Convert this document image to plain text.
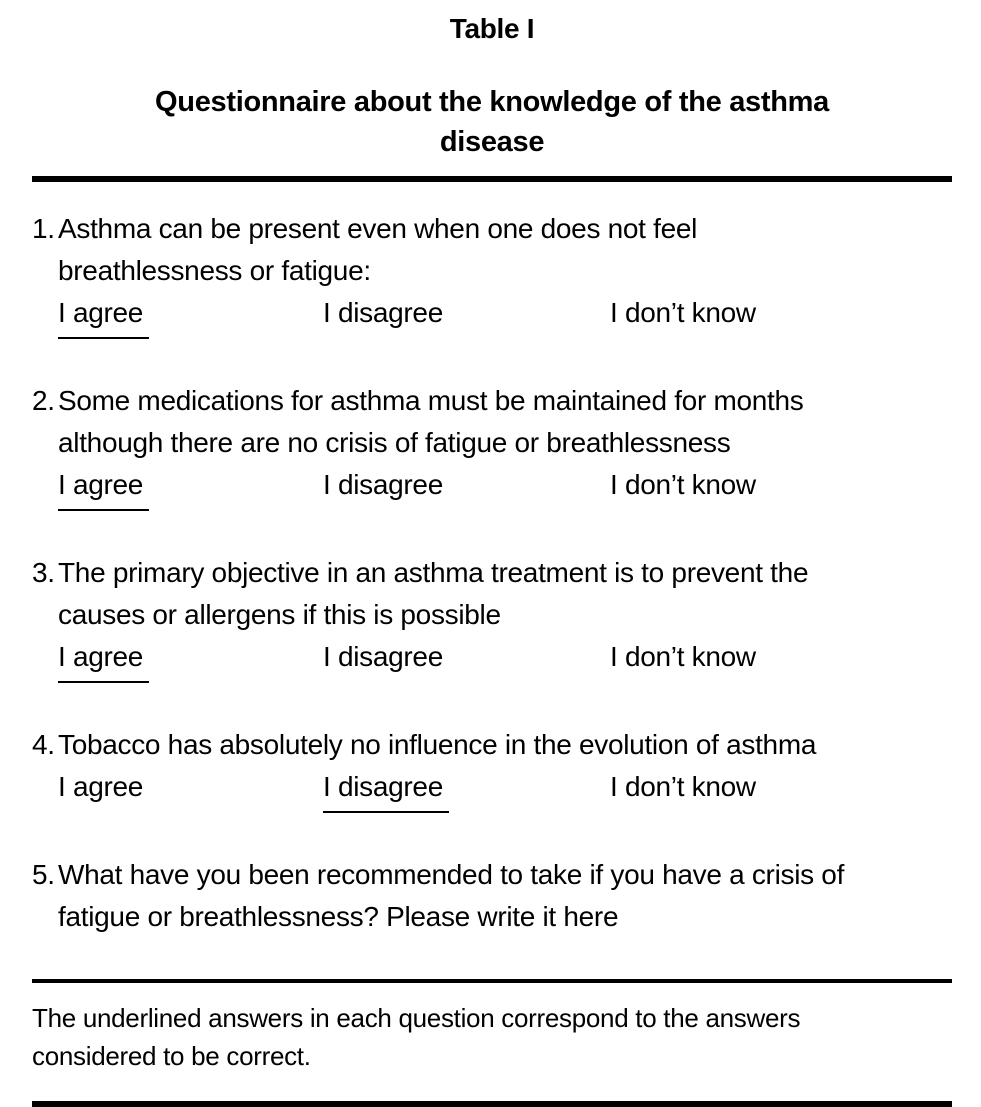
Table I
Questionnaire about the knowledge of the asthma
disease
1. Asthma can be present even when one does not feel
breathlessness or fatigue:
I agree	I disagree	I don’t know
2. Some medications for asthma must be maintained for months
although there are no crisis of fatigue or breathlessness
I agree	I disagree	I don’t know
3. The primary objective in an asthma treatment is to prevent the
causes or allergens if this is possible
I agree	I disagree	I don’t know
4. Tobacco has absolutely no influence in the evolution of asthma
I agree	I disagree	I don’t know
5. What have you been recommended to take if you have a crisis of
fatigue or breathlessness? Please write it here
The underlined answers in each question correspond to the answers
considered to be correct.
